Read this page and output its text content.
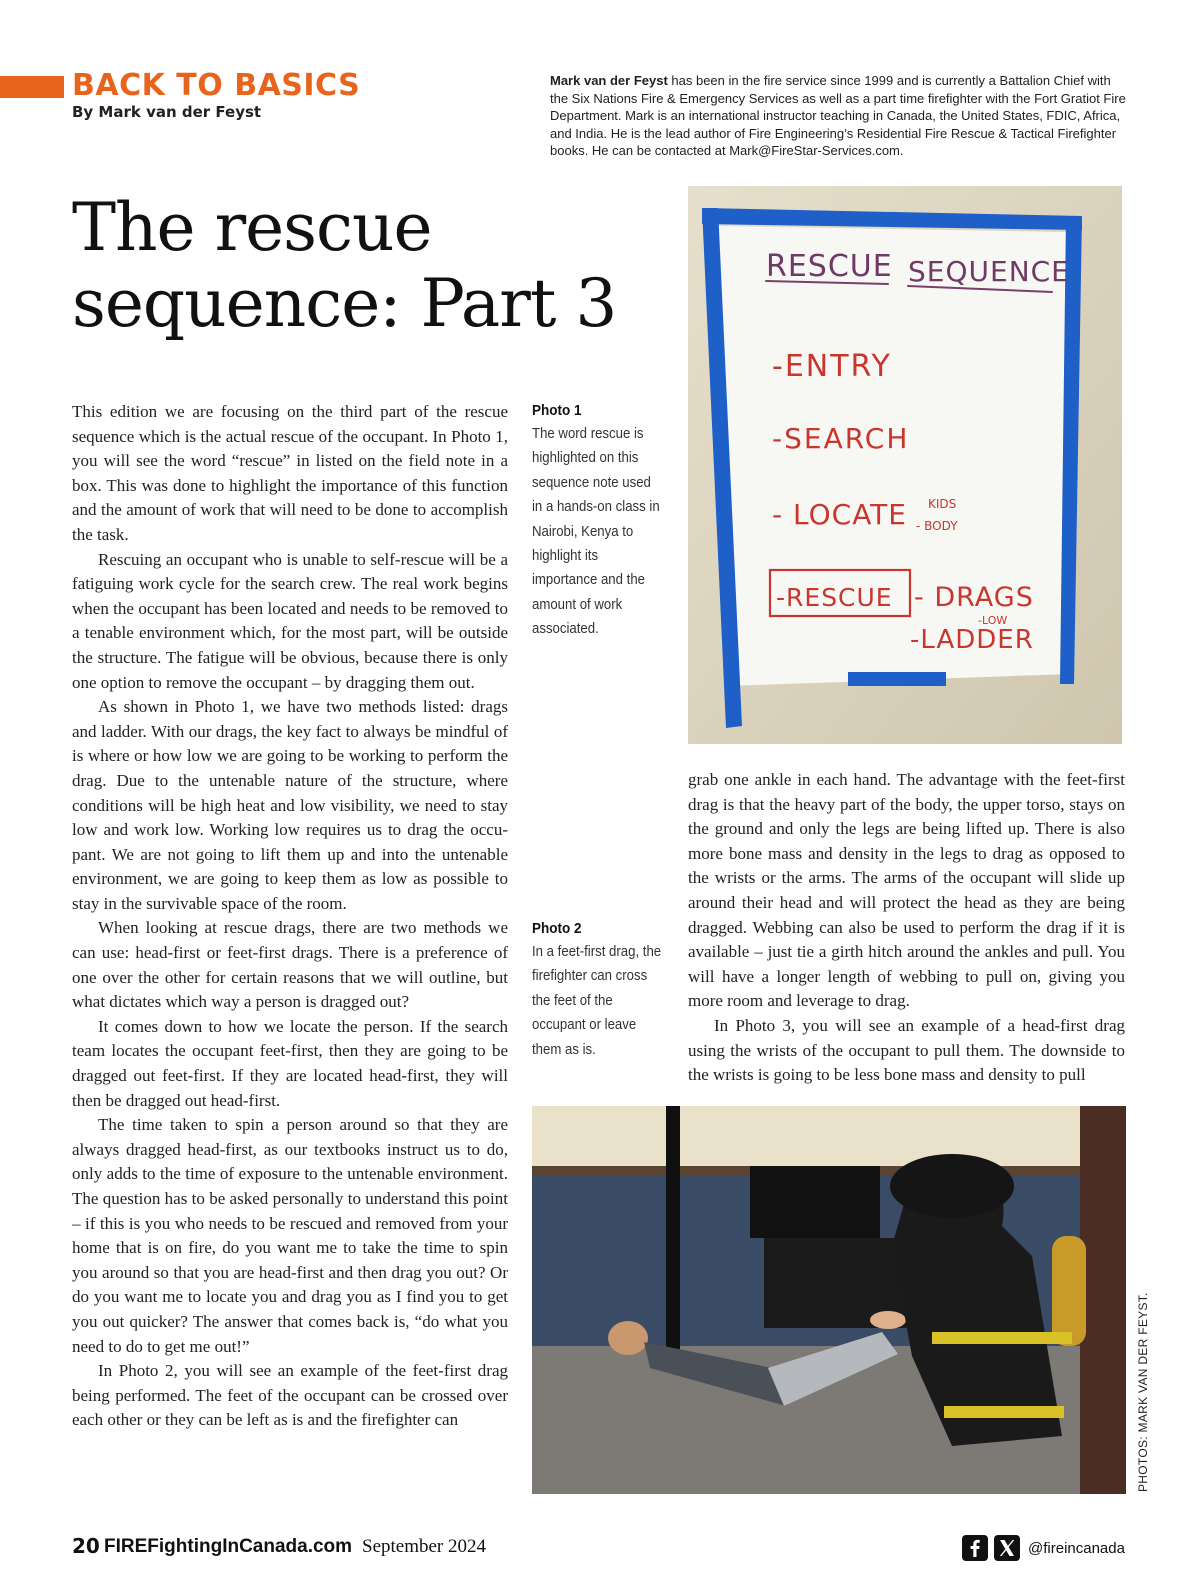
BACK TO BASICS
By Mark van der Feyst
Mark van der Feyst has been in the fire service since 1999 and is currently a Battalion Chief with the Six Nations Fire & Emergency Services as well as a part time firefighter with the Fort Gratiot Fire Department. Mark is an international instructor teaching in Canada, the United States, FDIC, Africa, and India. He is the lead author of Fire Engineering’s Residential Fire Rescue & Tactical Firefighter books. He can be contacted at Mark@FireStar-Services.com.
The rescue
sequence: Part 3

This edition we are focusing on the third part of the rescue sequence which is the actual rescue of the occupant. In Photo 1, you will see the word “rescue” in listed on the field note in a box. This was done to highlight the importance of this function and the amount of work that will need to be done to accomplish the task.

Rescuing an occupant who is unable to self-rescue will be a fatiguing work cycle for the search crew. The real work begins when the occupant has been located and needs to be removed to a tenable environment which, for the most part, will be outside the structure. The fatigue will be obvious, because there is only one option to remove the occupant – by dragging them out.

As shown in Photo 1, we have two methods listed: drags and ladder. With our drags, the key fact to always be mindful of is where or how low we are going to be working to perform the drag. Due to the untenable nature of the structure, where conditions will be high heat and low visibility, we need to stay low and work low. Working low requires us to drag the occu-pant. We are not going to lift them up and into the untenable environment, we are going to keep them as low as possible to stay in the survivable space of the room.

When looking at rescue drags, there are two methods we can use: head-first or feet-first drags. There is a preference of one over the other for certain reasons that we will outline, but what dictates which way a person is dragged out?

It comes down to how we locate the person. If the search team locates the occupant feet-first, then they are going to be dragged out feet-first. If they are located head-first, they will then be dragged out head-first.

The time taken to spin a person around so that they are always dragged head-first, as our textbooks instruct us to do, only adds to the time of exposure to the untenable environment. The question has to be asked personally to understand this point – if this is you who needs to be rescued and removed from your home that is on fire, do you want me to take the time to spin you around so that you are head-first and then drag you out? Or do you want me to locate you and drag you as I find you to get you out quicker? The answer that comes back is, “do what you need to do to get me out!”

In Photo 2, you will see an example of the feet-first drag being performed. The feet of the occupant can be crossed over each other or they can be left as is and the firefighter can

Photo 1
The word rescue is highlighted on this sequence note used in a hands-on class in Nairobi, Kenya to highlight its importance and the amount of work associated.
Photo 2
In a feet-first drag, the firefighter can cross the feet of the occupant or leave them as is.
RESCUE SEQUENCE
-ENTRY
-SEARCH
- LOCATE KIDS
- BODY
-RESCUE - DRAGS
-LOW
-LADDER

grab one ankle in each hand. The advantage with the feet-first drag is that the heavy part of the body, the upper torso, stays on the ground and only the legs are being lifted up. There is also more bone mass and density in the legs to drag as opposed to the wrists or the arms. The arms of the occupant will slide up around their head and will protect the head as they are being dragged. Webbing can also be used to perform the drag if it is available – just tie a girth hitch around the ankles and pull. You will have a longer length of webbing to pull on, giving you more room and leverage to drag.

In Photo 3, you will see an example of a head-first drag using the wrists of the occupant to pull them. The downside to the wrists is going to be less bone mass and density to pull

PHOTOS: MARK VAN DER FEYST.
20 FIREFightingInCanada.com September 2024	@fireincanada
